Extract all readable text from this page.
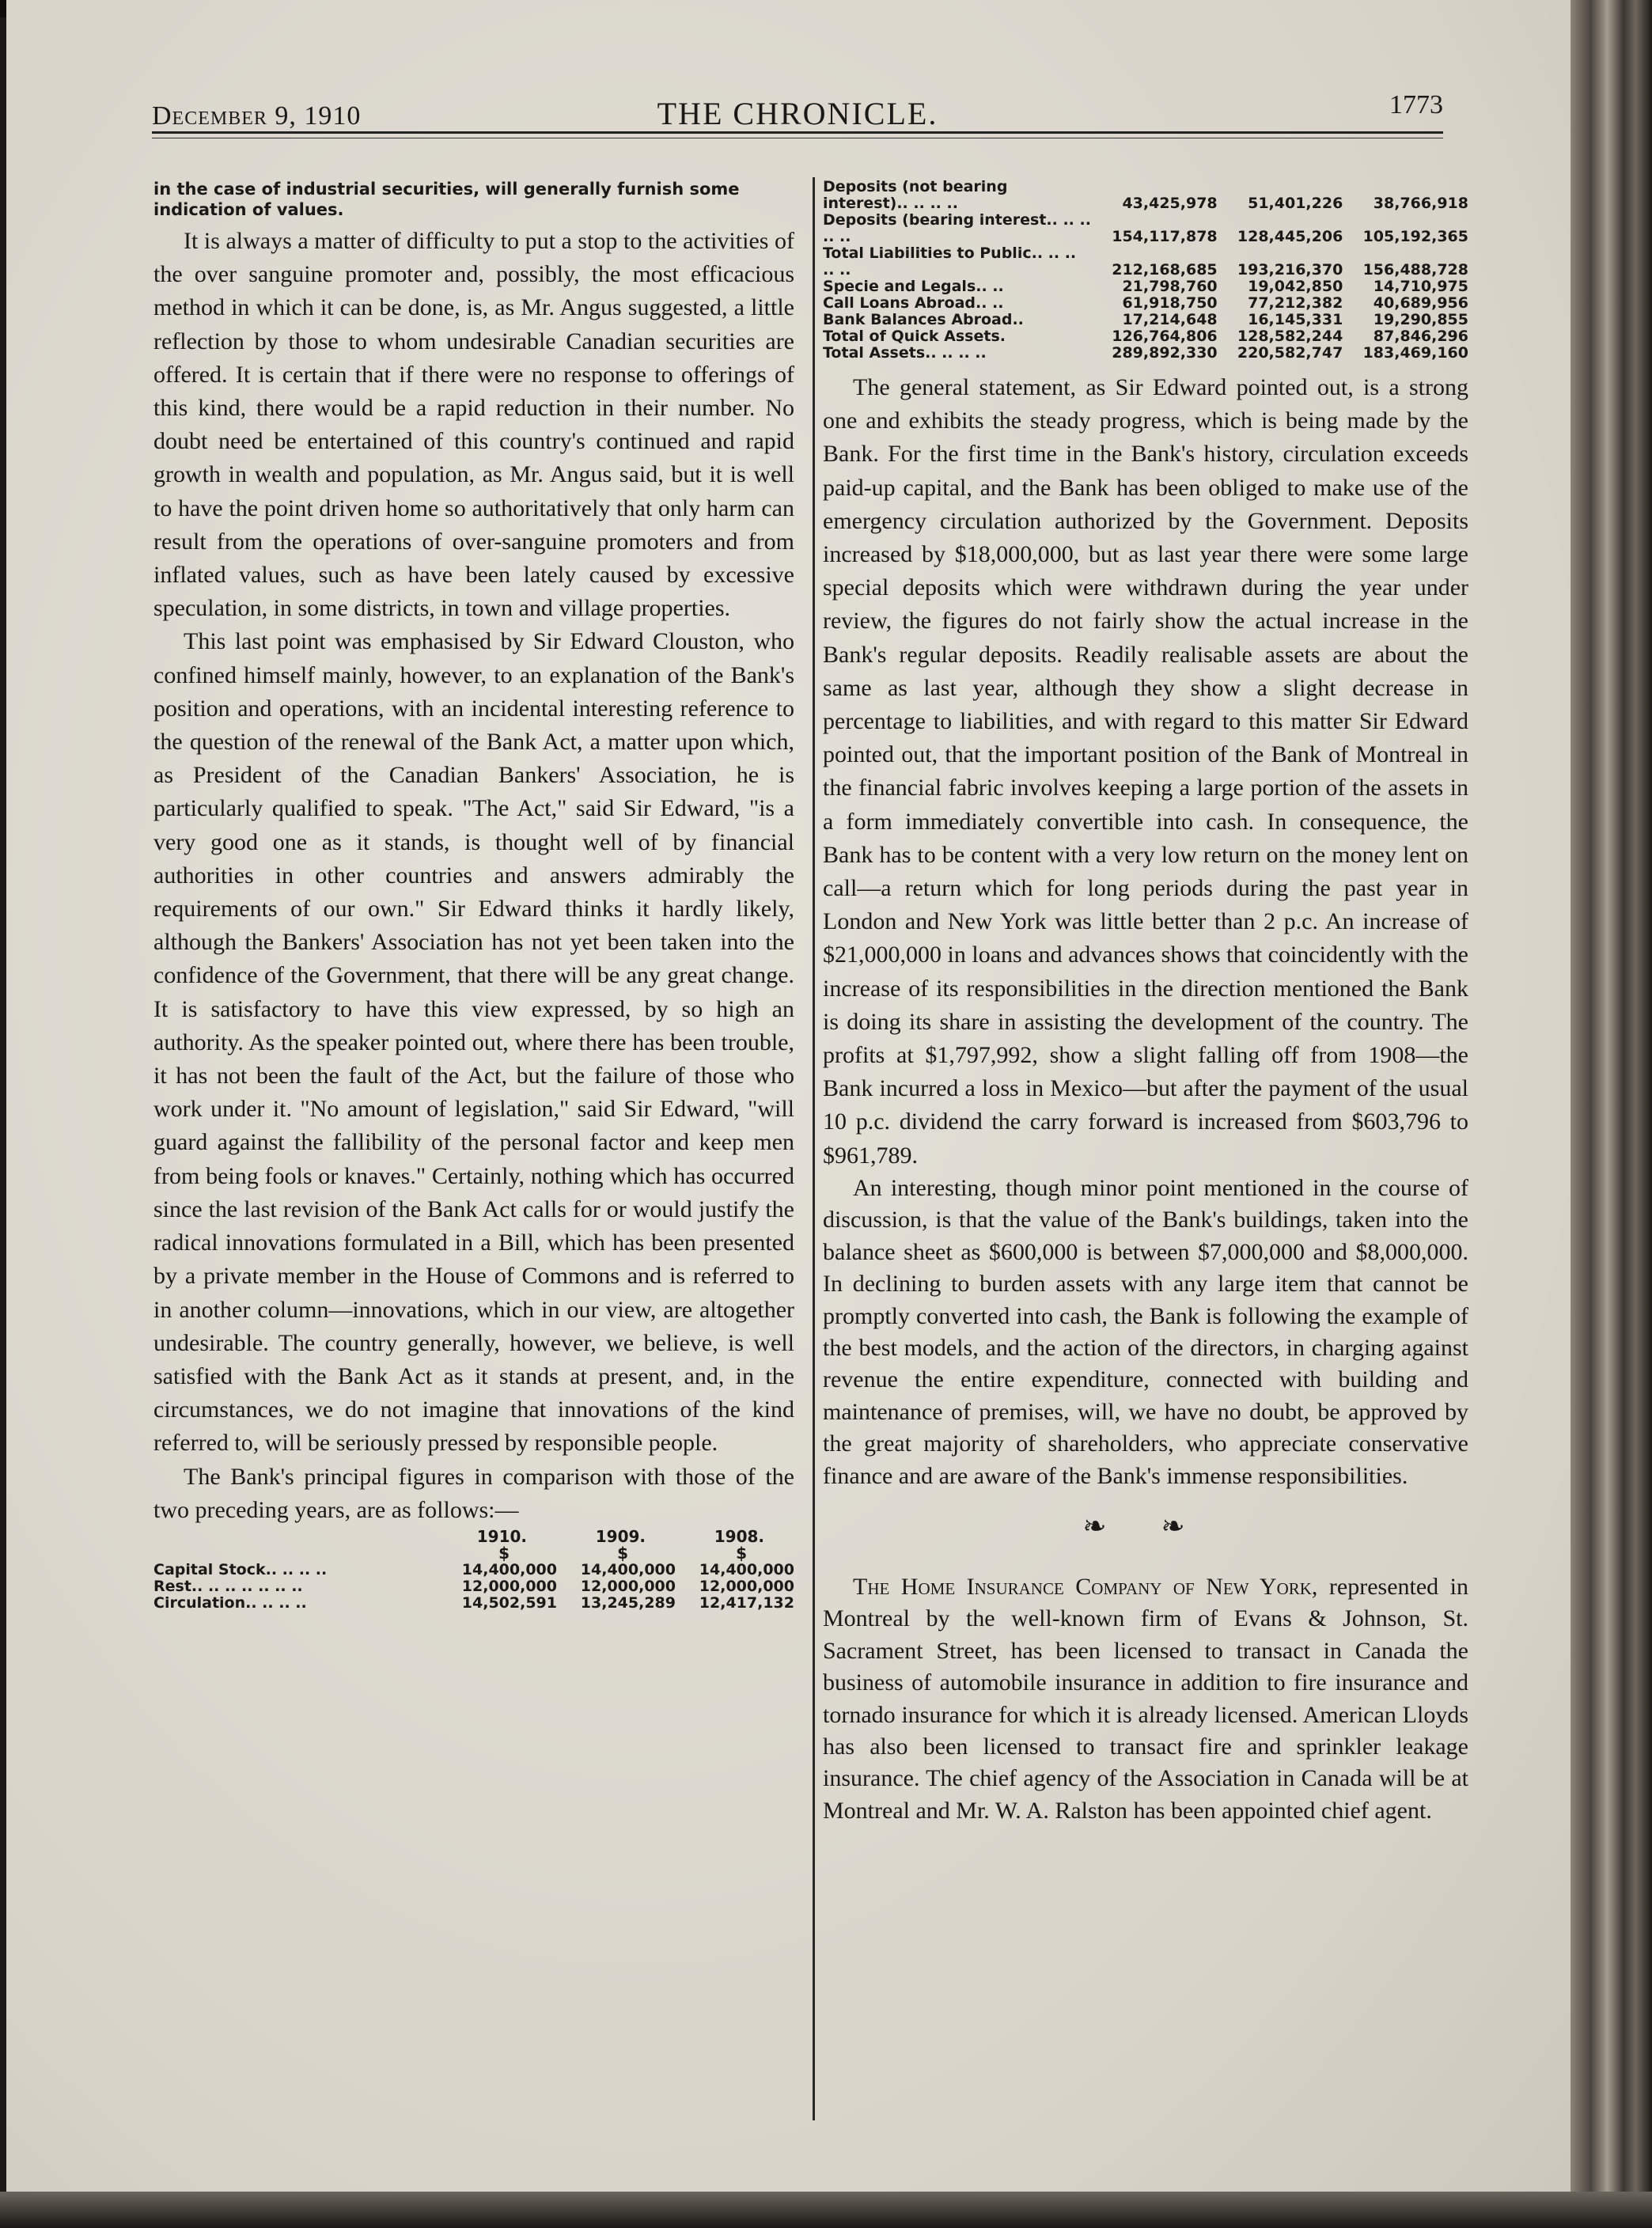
December 9, 1910	THE CHRONICLE.	1773

in the case of industrial securities, will generally furnish some indication of values.

It is always a matter of difficulty to put a stop to the activities of the over sanguine promoter and, possibly, the most efficacious method in which it can be done, is, as Mr. Angus suggested, a little reflection by those to whom undesirable Canadian securities are offered. It is certain that if there were no response to offerings of this kind, there would be a rapid reduction in their number. No doubt need be entertained of this country's continued and rapid growth in wealth and population, as Mr. Angus said, but it is well to have the point driven home so authoritatively that only harm can result from the operations of over-sanguine promoters and from inflated values, such as have been lately caused by excessive speculation, in some districts, in town and village properties.

This last point was emphasised by Sir Edward Clouston, who confined himself mainly, however, to an explanation of the Bank's position and operations, with an incidental interesting reference to the question of the renewal of the Bank Act, a matter upon which, as President of the Canadian Bankers' Association, he is particularly qualified to speak. "The Act," said Sir Edward, "is a very good one as it stands, is thought well of by financial authorities in other countries and answers admirably the requirements of our own." Sir Edward thinks it hardly likely, although the Bankers' Association has not yet been taken into the confidence of the Government, that there will be any great change. It is satisfactory to have this view expressed, by so high an authority. As the speaker pointed out, where there has been trouble, it has not been the fault of the Act, but the failure of those who work under it. "No amount of legislation," said Sir Edward, "will guard against the fallibility of the personal factor and keep men from being fools or knaves." Certainly, nothing which has occurred since the last revision of the Bank Act calls for or would justify the radical innovations formulated in a Bill, which has been presented by a private member in the House of Commons and is referred to in another column—innovations, which in our view, are altogether undesirable. The country generally, however, we believe, is well satisfied with the Bank Act as it stands at present, and, in the circumstances, we do not imagine that innovations of the kind referred to, will be seriously pressed by responsible people.

The Bank's principal figures in comparison with those of the two preceding years, are as follows:—

	1910.	1909.	1908.
	$	$	$
Capital Stock.. .. .. ..	14,400,000	14,400,000	14,400,000
Rest.. .. .. .. .. .. ..	12,000,000	12,000,000	12,000,000
Circulation.. .. .. ..	14,502,591	13,245,289	12,417,132
Deposits (not bearing interest).. .. .. ..	43,425,978	51,401,226	38,766,918
Deposits (bearing interest.. .. .. .. ..	154,117,878	128,445,206	105,192,365
Total Liabilities to Public.. .. .. .. ..	212,168,685	193,216,370	156,488,728
Specie and Legals.. ..	21,798,760	19,042,850	14,710,975
Call Loans Abroad.. ..	61,918,750	77,212,382	40,689,956
Bank Balances Abroad..	17,214,648	16,145,331	19,290,855
Total of Quick Assets.	126,764,806	128,582,244	87,846,296
Total Assets.. .. .. ..	289,892,330	220,582,747	183,469,160

The general statement, as Sir Edward pointed out, is a strong one and exhibits the steady progress, which is being made by the Bank. For the first time in the Bank's history, circulation exceeds paid-up capital, and the Bank has been obliged to make use of the emergency circulation authorized by the Government. Deposits increased by $18,000,000, but as last year there were some large special deposits which were withdrawn during the year under review, the figures do not fairly show the actual increase in the Bank's regular deposits. Readily realisable assets are about the same as last year, although they show a slight decrease in percentage to liabilities, and with regard to this matter Sir Edward pointed out, that the important position of the Bank of Montreal in the financial fabric involves keeping a large portion of the assets in a form immediately convertible into cash. In consequence, the Bank has to be content with a very low return on the money lent on call—a return which for long periods during the past year in London and New York was little better than 2 p.c. An increase of $21,000,000 in loans and advances shows that coincidently with the increase of its responsibilities in the direction mentioned the Bank is doing its share in assisting the development of the country. The profits at $1,797,992, show a slight falling off from 1908—the Bank incurred a loss in Mexico—but after the payment of the usual 10 p.c. dividend the carry forward is increased from $603,796 to $961,789.

An interesting, though minor point mentioned in the course of discussion, is that the value of the Bank's buildings, taken into the balance sheet as $600,000 is between $7,000,000 and $8,000,000. In declining to burden assets with any large item that cannot be promptly converted into cash, the Bank is following the example of the best models, and the action of the directors, in charging against revenue the entire expenditure, connected with building and maintenance of premises, will, we have no doubt, be approved by the great majority of shareholders, who appreciate conservative finance and are aware of the Bank's immense responsibilities.

❧ ❧

The Home Insurance Company of New York, represented in Montreal by the well-known firm of Evans & Johnson, St. Sacrament Street, has been licensed to transact in Canada the business of automobile insurance in addition to fire insurance and tornado insurance for which it is already licensed. American Lloyds has also been licensed to transact fire and sprinkler leakage insurance. The chief agency of the Association in Canada will be at Montreal and Mr. W. A. Ralston has been appointed chief agent.
